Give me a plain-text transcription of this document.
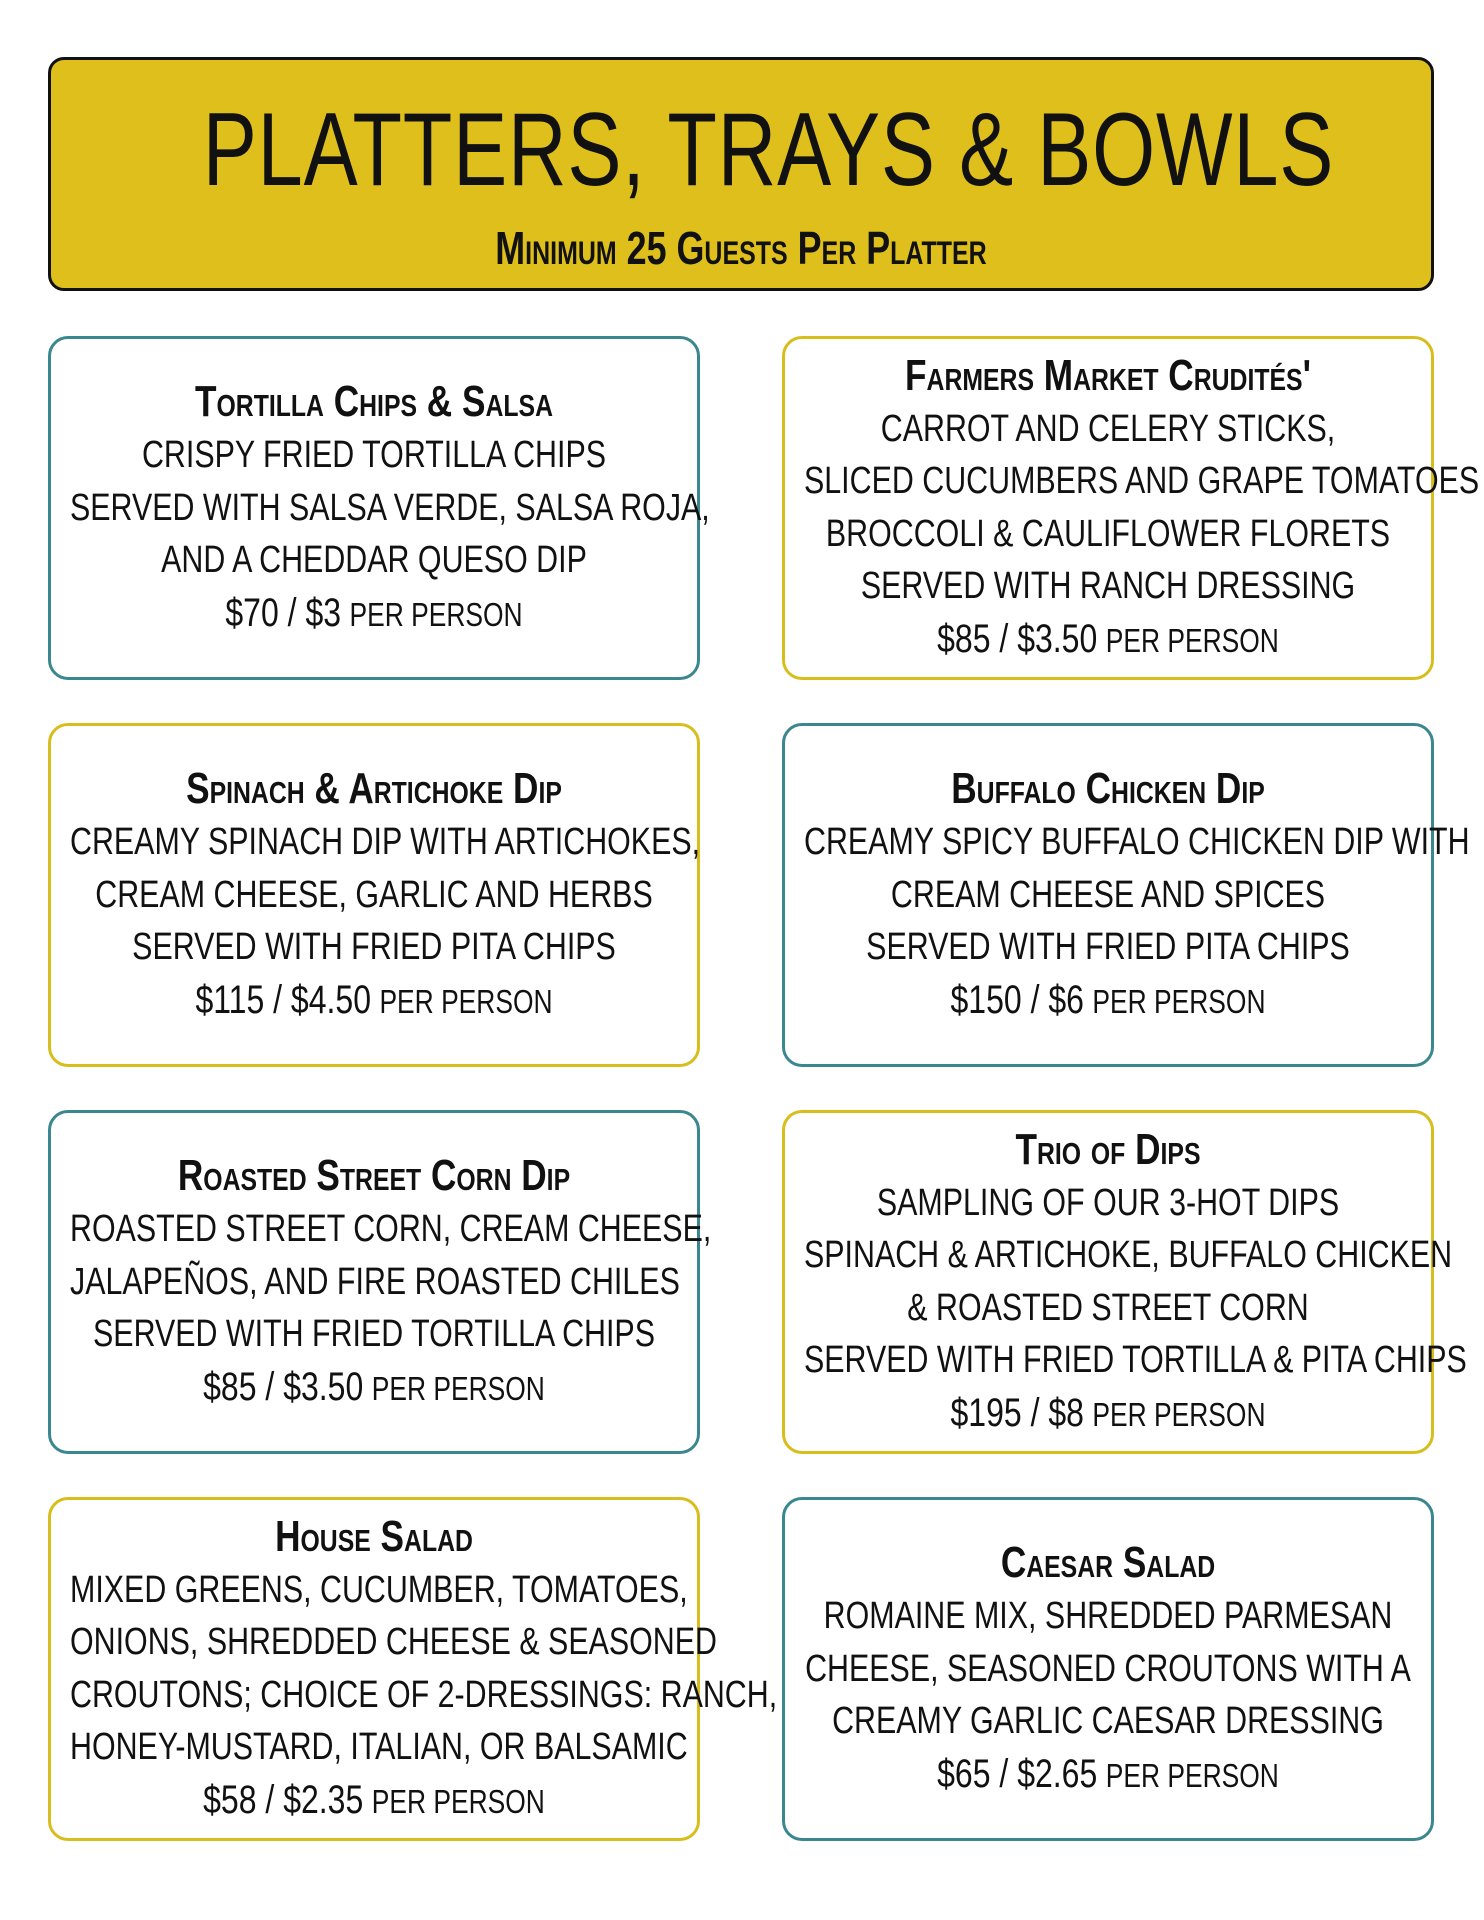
PLATTERS, TRAYS & BOWLS
Minimum 25 Guests Per Platter
Tortilla Chips & Salsa
CRISPY FRIED TORTILLA CHIPS
SERVED WITH SALSA VERDE, SALSA ROJA,
AND A CHEDDAR QUESO DIP
$70 / $3 PER PERSON
Farmers Market Crudités'
CARROT AND CELERY STICKS,
SLICED CUCUMBERS AND GRAPE TOMATOES
BROCCOLI & CAULIFLOWER FLORETS
SERVED WITH RANCH DRESSING
$85 / $3.50 PER PERSON
Spinach & Artichoke Dip
CREAMY SPINACH DIP WITH ARTICHOKES,
CREAM CHEESE, GARLIC AND HERBS
SERVED WITH FRIED PITA CHIPS
$115 / $4.50 PER PERSON
Buffalo Chicken Dip
CREAMY SPICY BUFFALO CHICKEN DIP WITH
CREAM CHEESE AND SPICES
SERVED WITH FRIED PITA CHIPS
$150 / $6 PER PERSON
Roasted Street Corn Dip
ROASTED STREET CORN, CREAM CHEESE,
JALAPEÑOS, AND FIRE ROASTED CHILES
SERVED WITH FRIED TORTILLA CHIPS
$85 / $3.50 PER PERSON
Trio of Dips
SAMPLING OF OUR 3-HOT DIPS
SPINACH & ARTICHOKE, BUFFALO CHICKEN
& ROASTED STREET CORN
SERVED WITH FRIED TORTILLA & PITA CHIPS
$195 / $8 PER PERSON
House Salad
MIXED GREENS, CUCUMBER, TOMATOES,
ONIONS, SHREDDED CHEESE & SEASONED
CROUTONS; CHOICE OF 2-DRESSINGS: RANCH,
HONEY-MUSTARD, ITALIAN, OR BALSAMIC
$58 / $2.35 PER PERSON
Caesar Salad
ROMAINE MIX, SHREDDED PARMESAN
CHEESE, SEASONED CROUTONS WITH A
CREAMY GARLIC CAESAR DRESSING
$65 / $2.65 PER PERSON
